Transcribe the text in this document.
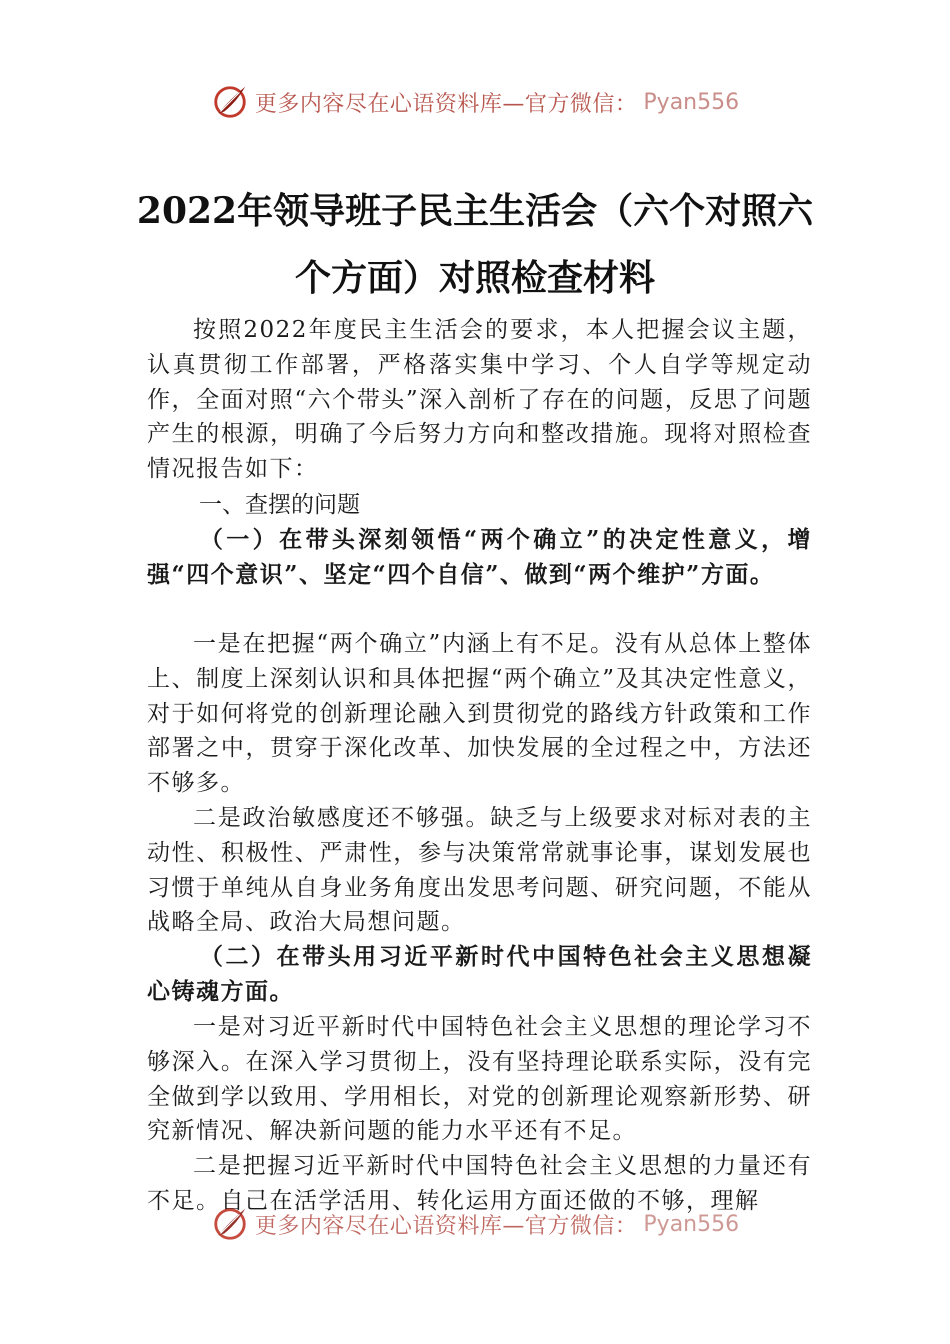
更多内容尽在心语资料库—官方微信： Pyan556
2022年领导班子民主生活会（六个对照六
个方面）对照检查材料

按照2022年度民主生活会的要求，本人把握会议主题，认真贯彻工作部署，严格落实集中学习、个人自学等规定动作，全面对照“六个带头”深入剖析了存在的问题，反思了问题产生的根源，明确了今后努力方向和整改措施。现将对照检查情况报告如下：

一、查摆的问题

（一）在带头深刻领悟“两个确立”的决定性意义，增强“四个意识”、坚定“四个自信”、做到“两个维护”方面。

一是在把握“两个确立”内涵上有不足。没有从总体上整体上、制度上深刻认识和具体把握“两个确立”及其决定性意义，对于如何将党的创新理论融入到贯彻党的路线方针政策和工作部署之中，贯穿于深化改革、加快发展的全过程之中，方法还不够多。

二是政治敏感度还不够强。缺乏与上级要求对标对表的主动性、积极性、严肃性，参与决策常常就事论事，谋划发展也习惯于单纯从自身业务角度出发思考问题、研究问题，不能从战略全局、政治大局想问题。

（二）在带头用习近平新时代中国特色社会主义思想凝心铸魂方面。

一是对习近平新时代中国特色社会主义思想的理论学习不够深入。在深入学习贯彻上，没有坚持理论联系实际，没有完全做到学以致用、学用相长，对党的创新理论观察新形势、研究新情况、解决新问题的能力水平还有不足。

二是把握习近平新时代中国特色社会主义思想的力量还有不足。自己在活学活用、转化运用方面还做的不够，理解

更多内容尽在心语资料库—官方微信： Pyan556
